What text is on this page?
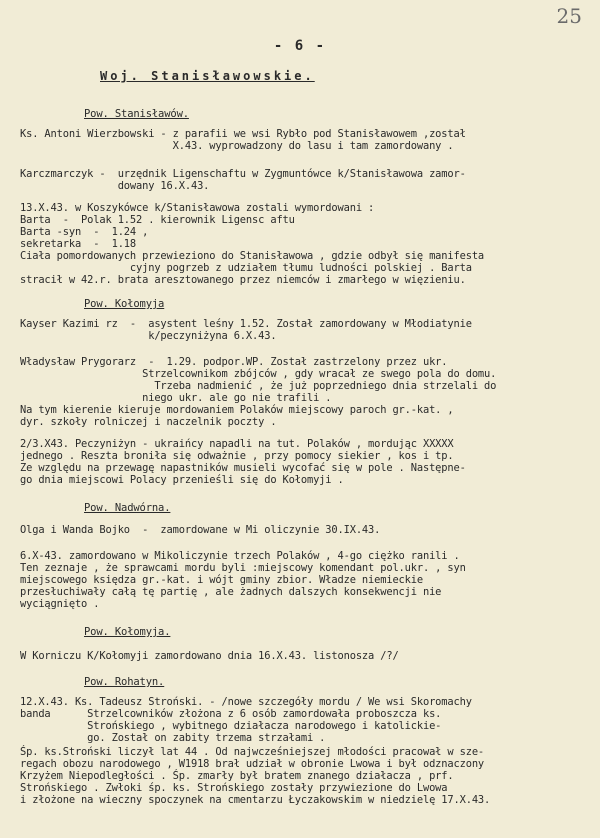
25
- 6 -
Woj. Stanisławowskie.
Pow. Stanisławów.
Ks. Antoni Wierzbowski - z parafii we wsi Rybło pod Stanisławowem ,został
X.43. wyprowadzony do lasu i tam zamordowany .
Karczmarczyk -  urzędnik Ligenschaftu w Zygmuntówce k/Stanisławowa zamor-
dowany 16.X.43.
13.X.43. w Koszykówce k/Stanisławowa zostali wymordowani :
Barta  -  Polak 1.52 . kierownik Ligensc aftu
Barta -syn  -  1.24 ,
sekretarka  -  1.18
Ciała pomordowanych przewieziono do Stanisławowa , gdzie odbył się manifesta
cyjny pogrzeb z udziałem tłumu ludności polskiej . Barta
stracił w 42.r. brata aresztowanego przez niemców i zmarłego w więzieniu.
Pow. Kołomyja
Kayser Kazimi rz  -  asystent leśny 1.52. Został zamordowany w Młodiatynie
k/peczyniżyna 6.X.43.
Władysław Prygorarz  -  1.29. podpor.WP. Został zastrzelony przez ukr.
Strzelcownikom zbójców , gdy wracał ze swego pola do domu.
Trzeba nadmienić , że już poprzedniego dnia strzelali do
niego ukr. ale go nie trafili .
Na tym kierenie kieruje mordowaniem Polaków miejscowy paroch gr.-kat. ,
dyr. szkoły rolniczej i naczelnik poczty .
2/3.X43. Peczyniżyn - ukraińcy napadli na tut. Polaków , mordując XXXXX
jednego . Reszta broniła się odważnie , przy pomocy siekier , kos i tp.
Ze względu na przewagę napastników musieli wycofać się w pole . Następne-
go dnia miejscowi Polacy przenieśli się do Kołomyji .
Pow. Nadwórna.
Olga i Wanda Bojko  -  zamordowane w Mi oliczynie 30.IX.43.
6.X-43. zamordowano w Mikoliczynie trzech Polaków , 4-go ciężko ranili .
Ten zeznaje , że sprawcami mordu byli :miejscowy komendant pol.ukr. , syn
miejscowego księdza gr.-kat. i wójt gminy zbior. Władze niemieckie
przesłuchiwały całą tę partię , ale żadnych dalszych konsekwencji nie
wyciągnięto .
Pow. Kołomyja.
W Korniczu K/Kołomyji zamordowano dnia 16.X.43. listonosza /?/
Pow. Rohatyn.
12.X.43. Ks. Tadeusz Stroński. - /nowe szczegóły mordu / We wsi Skoromachy
banda      Strzelcowników złożona z 6 osób zamordowała proboszcza ks.
Strońskiego , wybitnego działacza narodowego i katolickie-
go. Został on zabity trzema strzałami .
Śp. ks.Stroński liczył lat 44 . Od najwcześniejszej młodości pracował w sze-
regach obozu narodowego , W1918 brał udział w obronie Lwowa i był odznaczony
Krzyżem Niepodległości . Śp. zmarły był bratem znanego działacza , prf.
Strońskiego . Zwłoki śp. ks. Strońskiego zostały przywiezione do Lwowa
i złożone na wieczny spoczynek na cmentarzu Łyczakowskim w niedzielę 17.X.43.
